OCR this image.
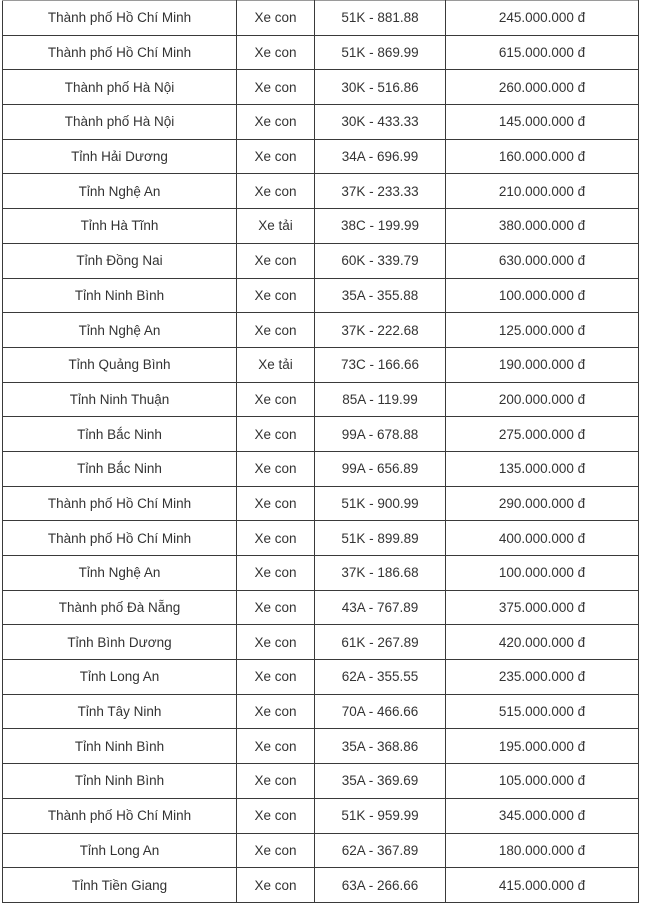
Thành phố Hồ Chí Minh	Xe con	51K - 881.88	245.000.000 đ
Thành phố Hồ Chí Minh	Xe con	51K - 869.99	615.000.000 đ
Thành phố Hà Nội	Xe con	30K - 516.86	260.000.000 đ
Thành phố Hà Nội	Xe con	30K - 433.33	145.000.000 đ
Tỉnh Hải Dương	Xe con	34A - 696.99	160.000.000 đ
Tỉnh Nghệ An	Xe con	37K - 233.33	210.000.000 đ
Tỉnh Hà Tĩnh	Xe tải	38C - 199.99	380.000.000 đ
Tỉnh Đồng Nai	Xe con	60K - 339.79	630.000.000 đ
Tỉnh Ninh Bình	Xe con	35A - 355.88	100.000.000 đ
Tỉnh Nghệ An	Xe con	37K - 222.68	125.000.000 đ
Tỉnh Quảng Bình	Xe tải	73C - 166.66	190.000.000 đ
Tỉnh Ninh Thuận	Xe con	85A - 119.99	200.000.000 đ
Tỉnh Bắc Ninh	Xe con	99A - 678.88	275.000.000 đ
Tỉnh Bắc Ninh	Xe con	99A - 656.89	135.000.000 đ
Thành phố Hồ Chí Minh	Xe con	51K - 900.99	290.000.000 đ
Thành phố Hồ Chí Minh	Xe con	51K - 899.89	400.000.000 đ
Tỉnh Nghệ An	Xe con	37K - 186.68	100.000.000 đ
Thành phố Đà Nẵng	Xe con	43A - 767.89	375.000.000 đ
Tỉnh Bình Dương	Xe con	61K - 267.89	420.000.000 đ
Tỉnh Long An	Xe con	62A - 355.55	235.000.000 đ
Tỉnh Tây Ninh	Xe con	70A - 466.66	515.000.000 đ
Tỉnh Ninh Bình	Xe con	35A - 368.86	195.000.000 đ
Tỉnh Ninh Bình	Xe con	35A - 369.69	105.000.000 đ
Thành phố Hồ Chí Minh	Xe con	51K - 959.99	345.000.000 đ
Tỉnh Long An	Xe con	62A - 367.89	180.000.000 đ
Tỉnh Tiền Giang	Xe con	63A - 266.66	415.000.000 đ
